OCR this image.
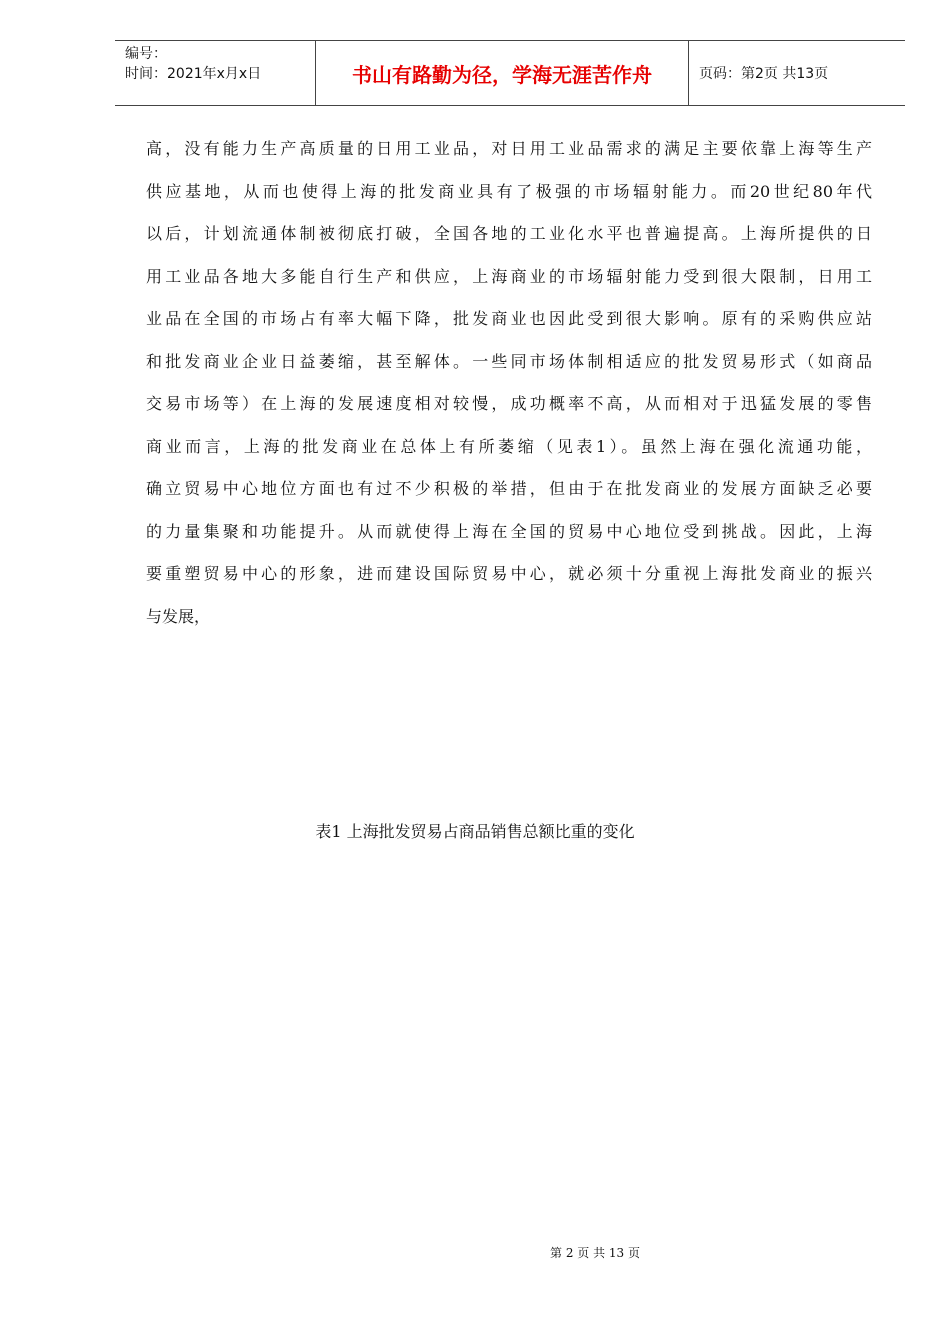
编号：
时间：2021年x月x日	书山有路勤为径，学海无涯苦作舟	页码：第2页 共13页
高，没有能力生产高质量的日用工业品，对日用工业品需求的满足主要依靠上海等生产
供应基地，从而也使得上海的批发商业具有了极强的市场辐射能力。而20世纪80年代
以后，计划流通体制被彻底打破，全国各地的工业化水平也普遍提高。上海所提供的日
用工业品各地大多能自行生产和供应，上海商业的市场辐射能力受到很大限制，日用工
业品在全国的市场占有率大幅下降，批发商业也因此受到很大影响。原有的采购供应站
和批发商业企业日益萎缩，甚至解体。一些同市场体制相适应的批发贸易形式（如商品
交易市场等）在上海的发展速度相对较慢，成功概率不高，从而相对于迅猛发展的零售
商业而言，上海的批发商业在总体上有所萎缩（见表1）。虽然上海在强化流通功能，
确立贸易中心地位方面也有过不少积极的举措，但由于在批发商业的发展方面缺乏必要
的力量集聚和功能提升。从而就使得上海在全国的贸易中心地位受到挑战。因此，上海
要重塑贸易中心的形象，进而建设国际贸易中心，就必须十分重视上海批发商业的振兴
与发展，
表1 上海批发贸易占商品销售总额比重的变化
第 2 页 共 13 页
